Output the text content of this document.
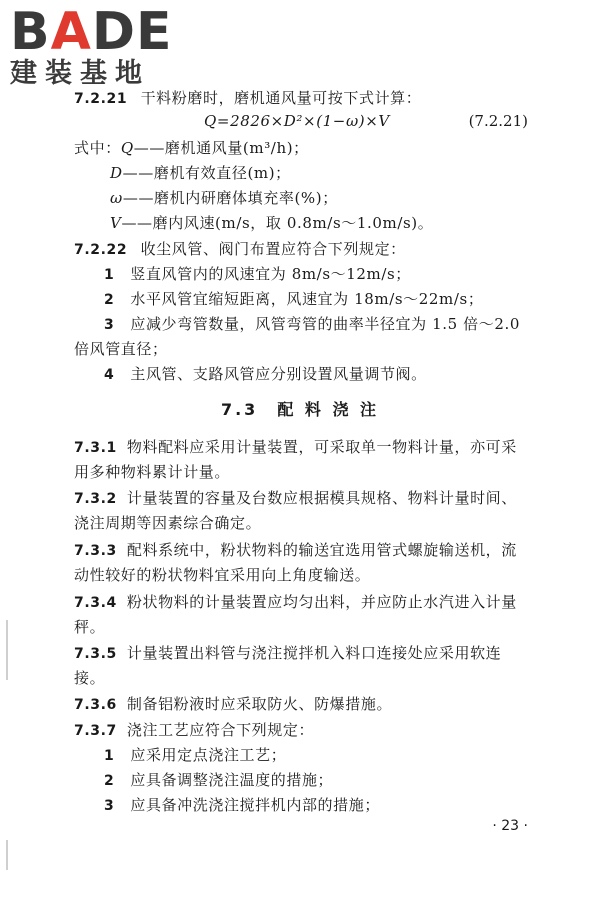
BADE
建装基地
7.2.21 干料粉磨时，磨机通风量可按下式计算：
Q=2826×D²×(1−ω)×V	(7.2.21)
式中：Q——磨机通风量(m³/h)；
D——磨机有效直径(m)；
ω——磨机内研磨体填充率(%)；
V——磨内风速(m/s，取 0.8m/s～1.0m/s)。
7.2.22 收尘风管、阀门布置应符合下列规定：
1 竖直风管内的风速宜为 8m/s～12m/s；
2 水平风管宜缩短距离，风速宜为 18m/s～22m/s；
3 应减少弯管数量，风管弯管的曲率半径宜为 1.5 倍～2.0
倍风管直径；
4 主风管、支路风管应分别设置风量调节阀。
7.3　配 料 浇 注
7.3.1 物料配料应采用计量装置，可采取单一物料计量，亦可采
用多种物料累计计量。
7.3.2 计量装置的容量及台数应根据模具规格、物料计量时间、
浇注周期等因素综合确定。
7.3.3 配料系统中，粉状物料的输送宜选用管式螺旋输送机，流
动性较好的粉状物料宜采用向上角度输送。
7.3.4 粉状物料的计量装置应均匀出料，并应防止水汽进入计量
秤。
7.3.5 计量装置出料管与浇注搅拌机入料口连接处应采用软连
接。
7.3.6 制备铝粉液时应采取防火、防爆措施。
7.3.7 浇注工艺应符合下列规定：
1 应采用定点浇注工艺；
2 应具备调整浇注温度的措施；
3 应具备冲洗浇注搅拌机内部的措施；
· 23 ·
